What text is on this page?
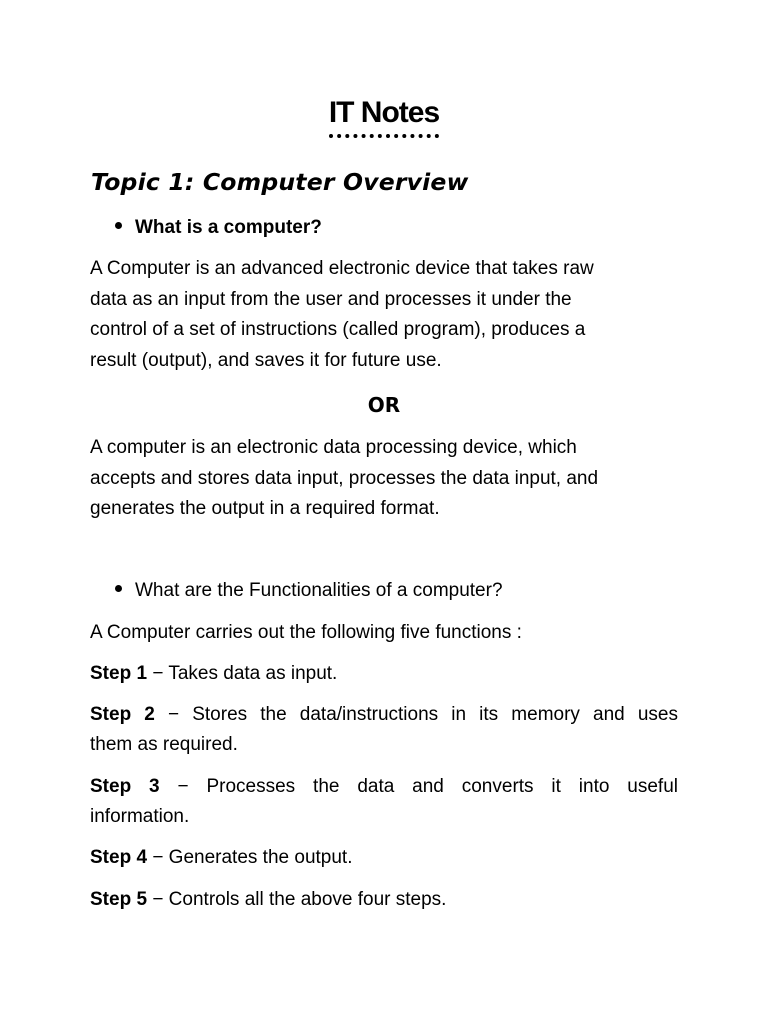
IT Notes
Topic 1: Computer Overview
What is a computer?
A Computer is an advanced electronic device that takes raw
data as an input from the user and processes it under the
control of a set of instructions (called program), produces a
result (output), and saves it for future use.
OR
A computer is an electronic data processing device, which
accepts and stores data input, processes the data input, and
generates the output in a required format.
What are the Functionalities of a computer?
A Computer carries out the following five functions :
Step 1 − Takes data as input.
Step 2 − Stores the data/instructions in its memory and uses
them as required.
Step 3 − Processes the data and converts it into useful
information.
Step 4 − Generates the output.
Step 5 − Controls all the above four steps.
